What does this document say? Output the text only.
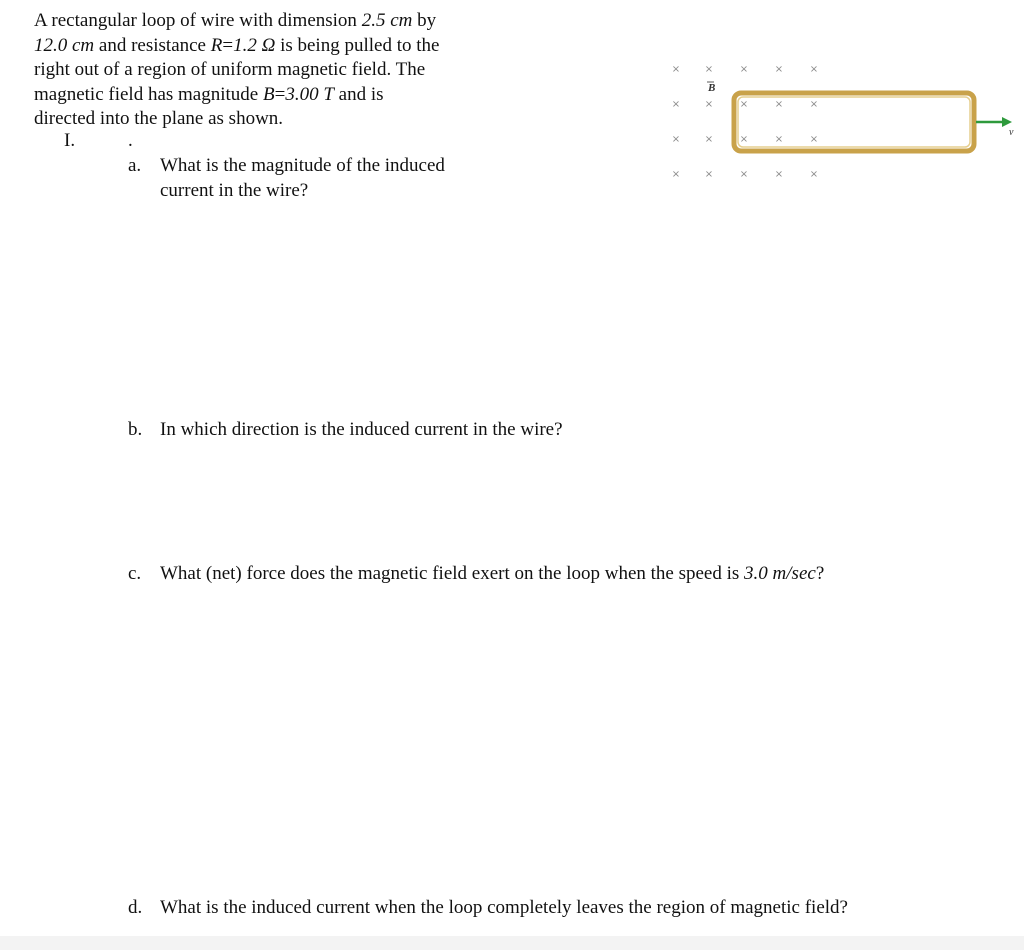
A rectangular loop of wire with dimension 2.5 cm by
12.0 cm and resistance R=1.2 Ω is being pulled to the
right out of a region of uniform magnetic field. The
magnetic field has magnitude B=3.00 T and is
directed into the plane as shown.

I.	.
a. What is the magnitude of the induced current in the wire?
b. In which direction is the induced current in the wire?
c. What (net) force does the magnetic field exert on the loop when the speed is 3.0 m/sec?
d. What is the induced current when the loop completely leaves the region of magnetic field?
× ×	×	×	×
× ×	×	×	×
× ×	×	×	×
× ×	×	×	×
B
v
